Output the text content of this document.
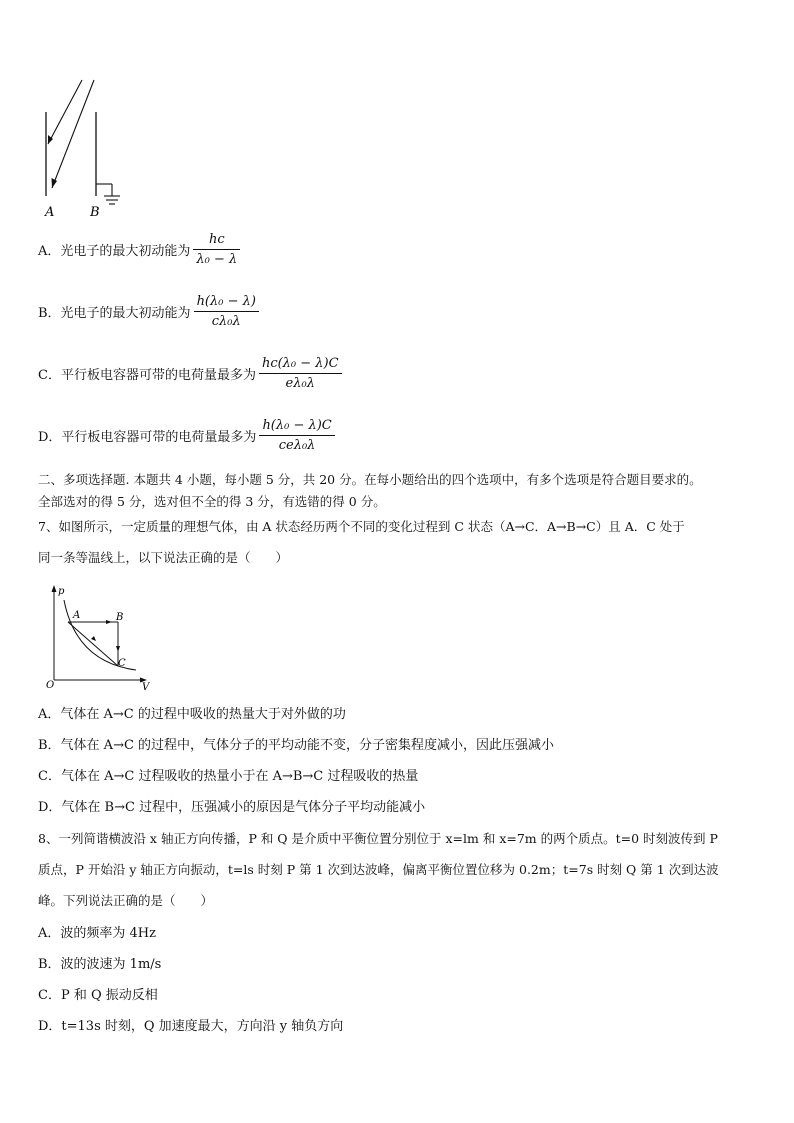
A	B
A．光电子的最大初动能为 $\frac{hc}{\text{λ₀ − λ}}$
B．光电子的最大初动能为 $\frac{\text{h(λ₀ − λ)}}{\text{cλ₀λ}}$
C．平行板电容器可带的电荷量最多为 $\frac{\text{hc(λ₀ − λ)C}}{\text{eλ₀λ}}$
D．平行板电容器可带的电荷量最多为 $\frac{\text{h(λ₀ − λ)C}}{\text{ceλ₀λ}}$
二、多项选择题. 本题共 4 小题，每小题 5 分，共 20 分。在每小题给出的四个选项中，有多个选项是符合题目要求的。
全部选对的得 5 分，选对但不全的得 3 分，有选错的得 0 分。
7、如图所示，一定质量的理想气体，由 A 状态经历两个不同的变化过程到 C 状态（A→C．A→B→C）且 A．C 处于
同一条等温线上，以下说法正确的是（　　）
p
V
O
A	B
C
A．气体在 A→C 的过程中吸收的热量大于对外做的功
B．气体在 A→C 的过程中，气体分子的平均动能不变，分子密集程度减小，因此压强减小
C．气体在 A→C 过程吸收的热量小于在 A→B→C 过程吸收的热量
D．气体在 B→C 过程中，压强减小的原因是气体分子平均动能减小
8、一列简谐横波沿 x 轴正方向传播，P 和 Q 是介质中平衡位置分别位于 x=lm 和 x=7m 的两个质点。t=0 时刻波传到 P
质点，P 开始沿 y 轴正方向振动，t=ls 时刻 P 第 1 次到达波峰，偏离平衡位置位移为 0.2m；t=7s 时刻 Q 第 1 次到达波
峰。下列说法正确的是（　　）
A．波的频率为 4Hz
B．波的波速为 1m/s
C．P 和 Q 振动反相
D．t=13s 时刻，Q 加速度最大，方向沿 y 轴负方向
